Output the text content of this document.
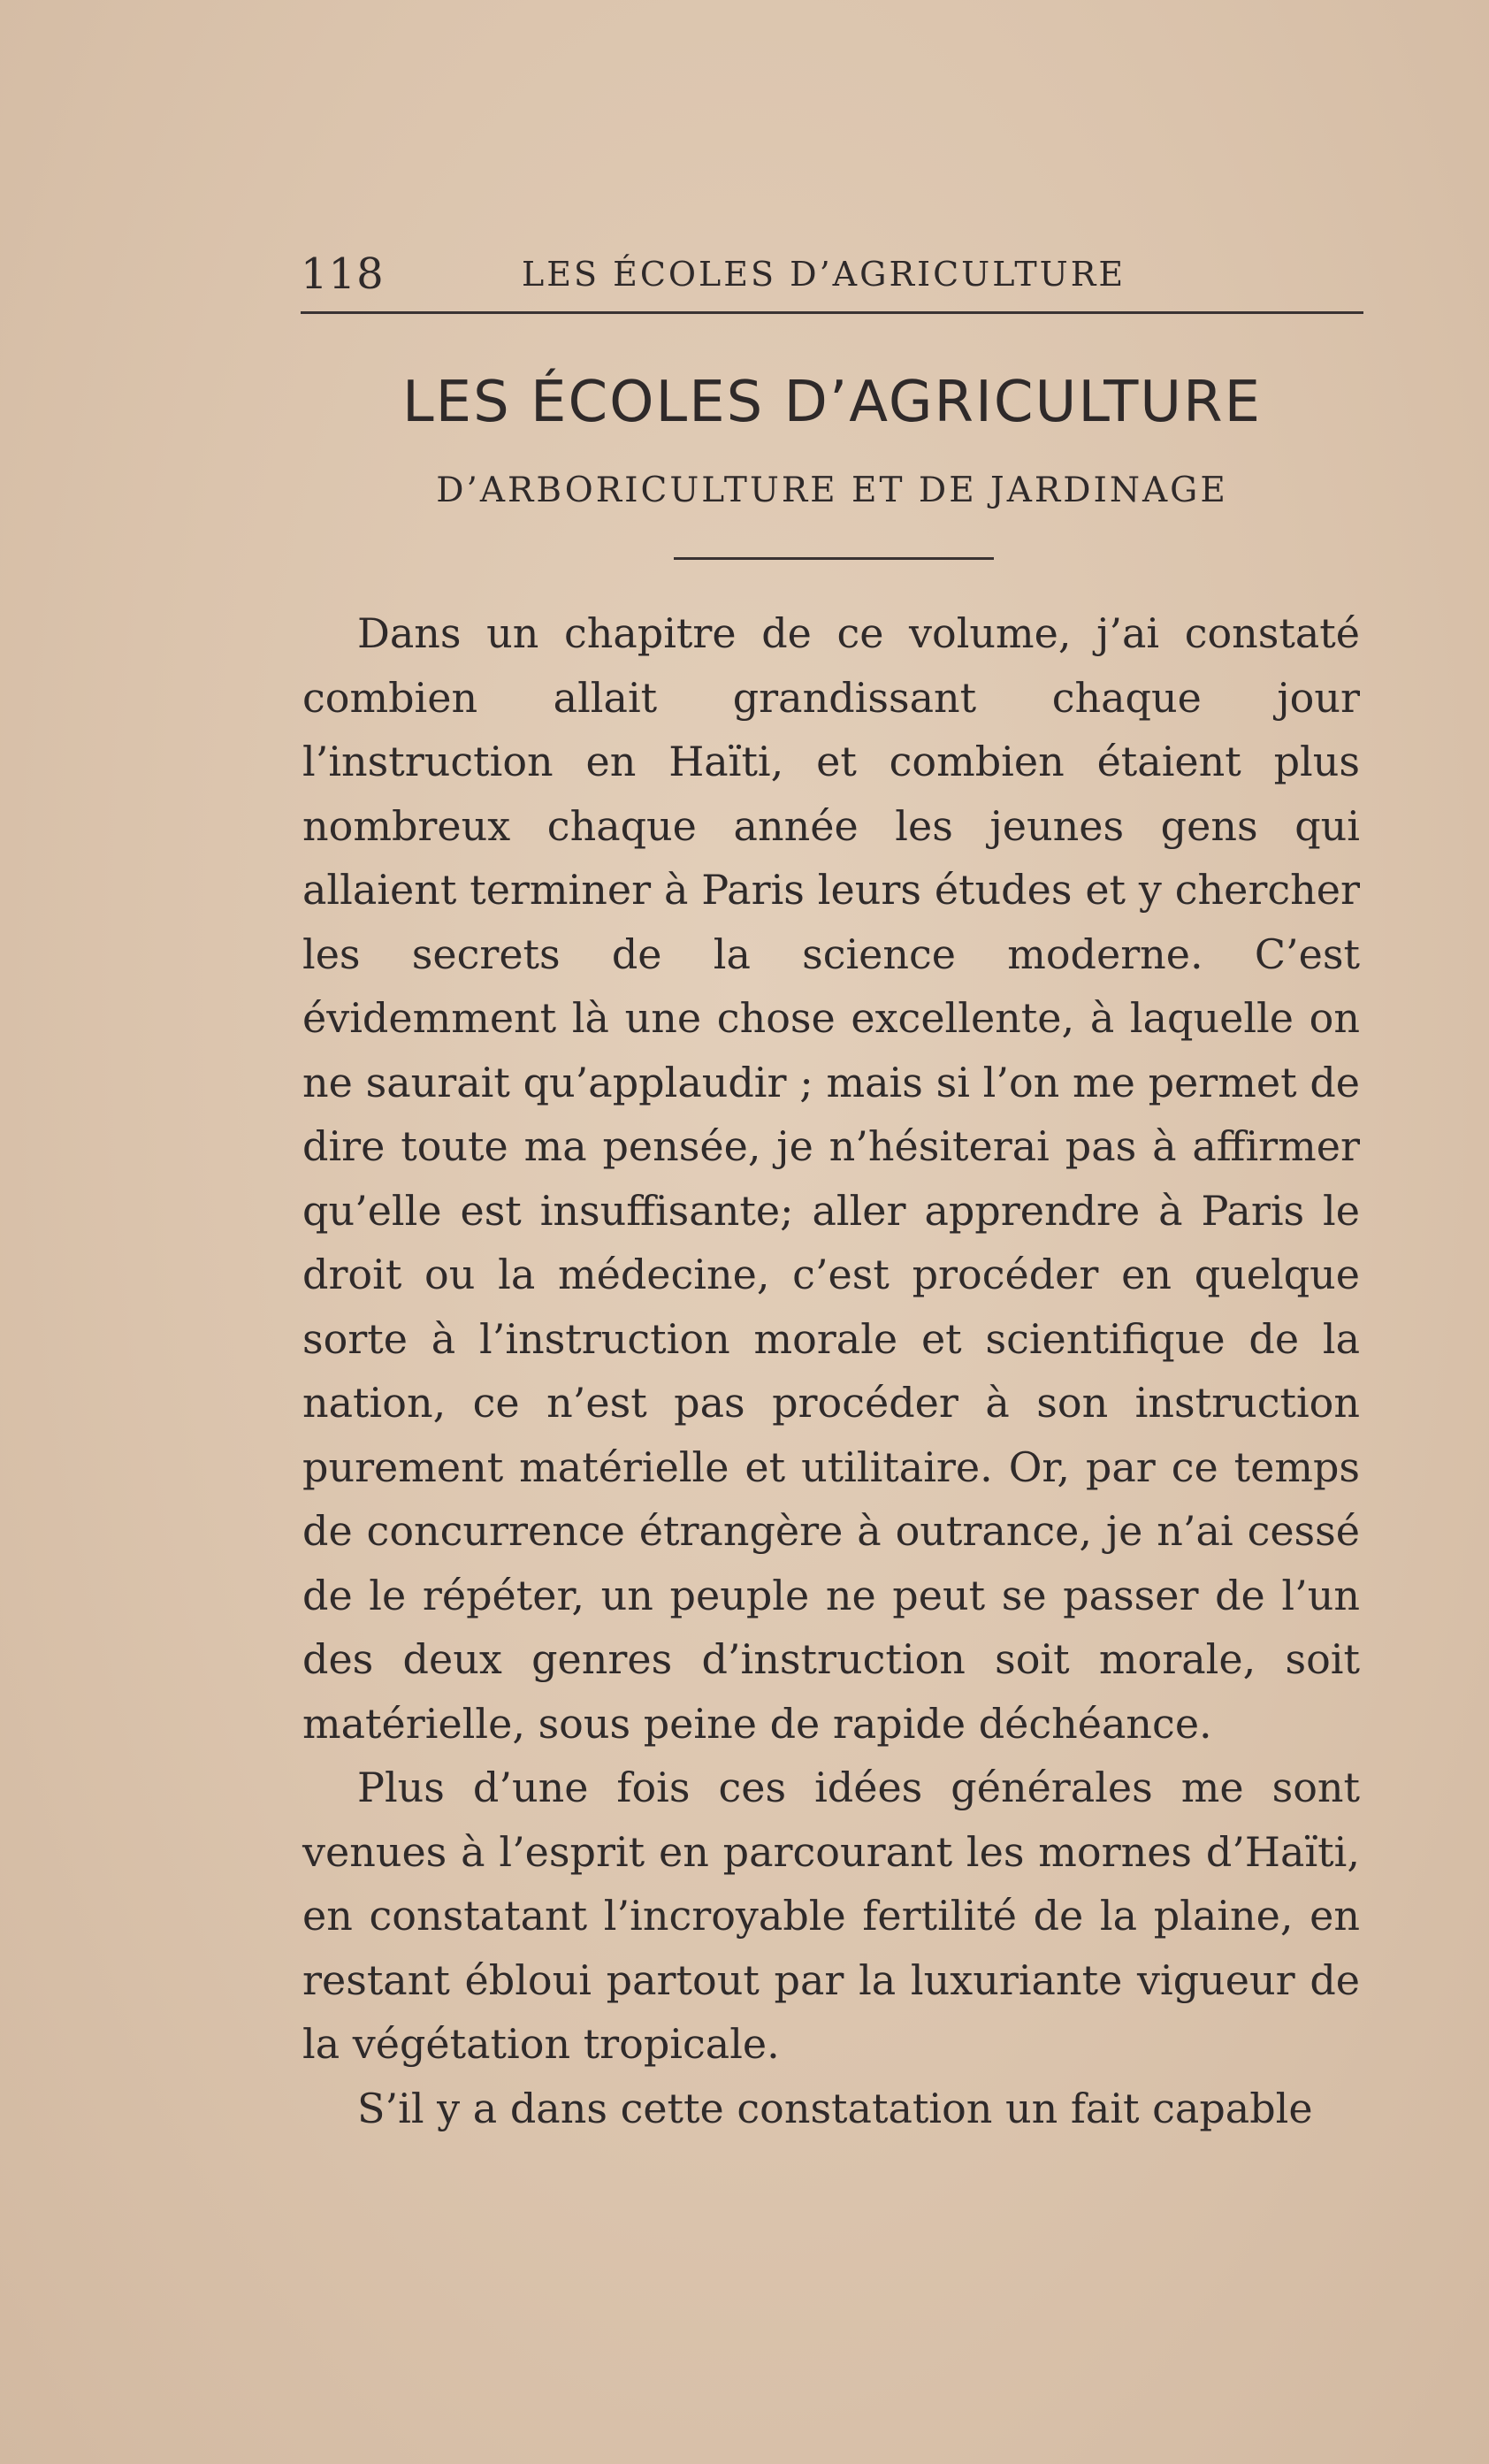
118	LES ÉCOLES D’AGRICULTURE
LES ÉCOLES D’AGRICULTURE
D’ARBORICULTURE ET DE JARDINAGE

Dans un chapitre de ce volume, j’ai constaté combien allait grandissant chaque jour l’instruction en Haïti, et combien étaient plus nombreux chaque année les jeunes gens qui allaient terminer à Paris leurs études et y chercher les secrets de la science moderne. C’est évidemment là une chose excellente, à laquelle on ne saurait qu’applaudir ; mais si l’on me permet de dire toute ma pensée, je n’hésiterai pas à affirmer qu’elle est insuffisante; aller apprendre à Paris le droit ou la médecine, c’est procéder en quelque sorte à l’instruction morale et scientifique de la nation, ce n’est pas procéder à son instruction purement matérielle et utilitaire. Or, par ce temps de concurrence étrangère à outrance, je n’ai cessé de le répéter, un peuple ne peut se passer de l’un des deux genres d’instruction soit morale, soit matérielle, sous peine de rapide déchéance.

Plus d’une fois ces idées générales me sont venues à l’esprit en parcourant les mornes d’Haïti, en constatant l’incroyable fertilité de la plaine, en restant ébloui partout par la luxuriante vigueur de la végétation tropicale.

S’il y a dans cette constatation un fait capable
